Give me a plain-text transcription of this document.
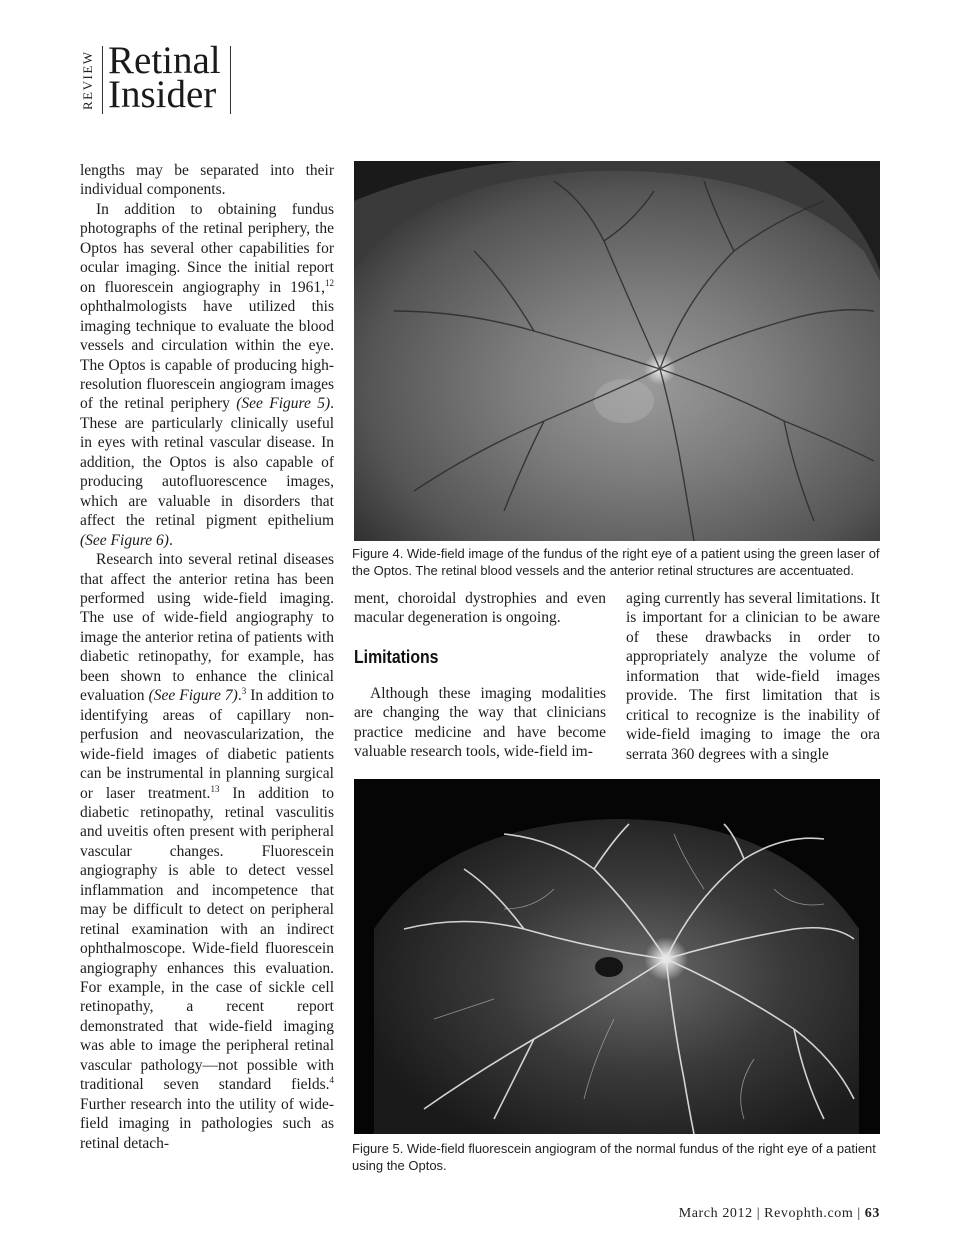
REVIEW Retinal
Insider

lengths may be separated into their individual components.

In addition to obtaining fundus photographs of the retinal periphery, the Optos has several other capabilities for ocular imaging. Since the initial report on fluorescein angiography in 1961,12 ophthalmologists have utilized this imaging technique to evaluate the blood vessels and circulation within the eye. The Optos is capable of producing high-resolution fluorescein angiogram images of the retinal periphery (See Figure 5). These are particularly clinically useful in eyes with retinal vascular disease. In addition, the Optos is also capable of producing autofluorescence images, which are valuable in disorders that affect the retinal pigment epithelium (See Figure 6).

Research into several retinal diseases that affect the anterior retina has been performed using wide-field imaging. The use of wide-field angiography to image the anterior retina of patients with diabetic retinopathy, for example, has been shown to enhance the clinical evaluation (See Figure 7).$^3$ In addition to identifying areas of capillary non-perfusion and neovascularization, the wide-field images of diabetic patients can be instrumental in planning surgical or laser treatment.$^{13}$ In addition to diabetic retinopathy, retinal vasculitis and uveitis often present with peripheral vascular changes. Fluorescein angiography is able to detect vessel inflammation and incompetence that may be difficult to detect on peripheral retinal examination with an indirect ophthalmoscope. Wide-field fluorescein angiography enhances this evaluation. For example, in the case of sickle cell retinopathy, a recent report demonstrated that wide-field imaging was able to image the peripheral retinal vascular pathology—not possible with traditional seven standard fields.$^4$ Further research into the utility of wide-field imaging in pathologies such as retinal detach-

Figure 4. Wide-field image of the fundus of the right eye of a patient using the green laser of the Optos. The retinal blood vessels and the anterior retinal structures are accentuated.

ment, choroidal dystrophies and even macular degeneration is ongoing.

Limitations

Although these imaging modalities are changing the way that clinicians practice medicine and have become valuable research tools, wide-field im-

aging currently has several limitations. It is important for a clinician to be aware of these drawbacks in order to appropriately analyze the volume of information that wide-field images provide. The first limitation that is critical to recognize is the inability of wide-field imaging to image the ora serrata 360 degrees with a single

Figure 5. Wide-field fluorescein angiogram of the normal fundus of the right eye of a patient using the Optos.
March 2012 | Revophth.com | 63
